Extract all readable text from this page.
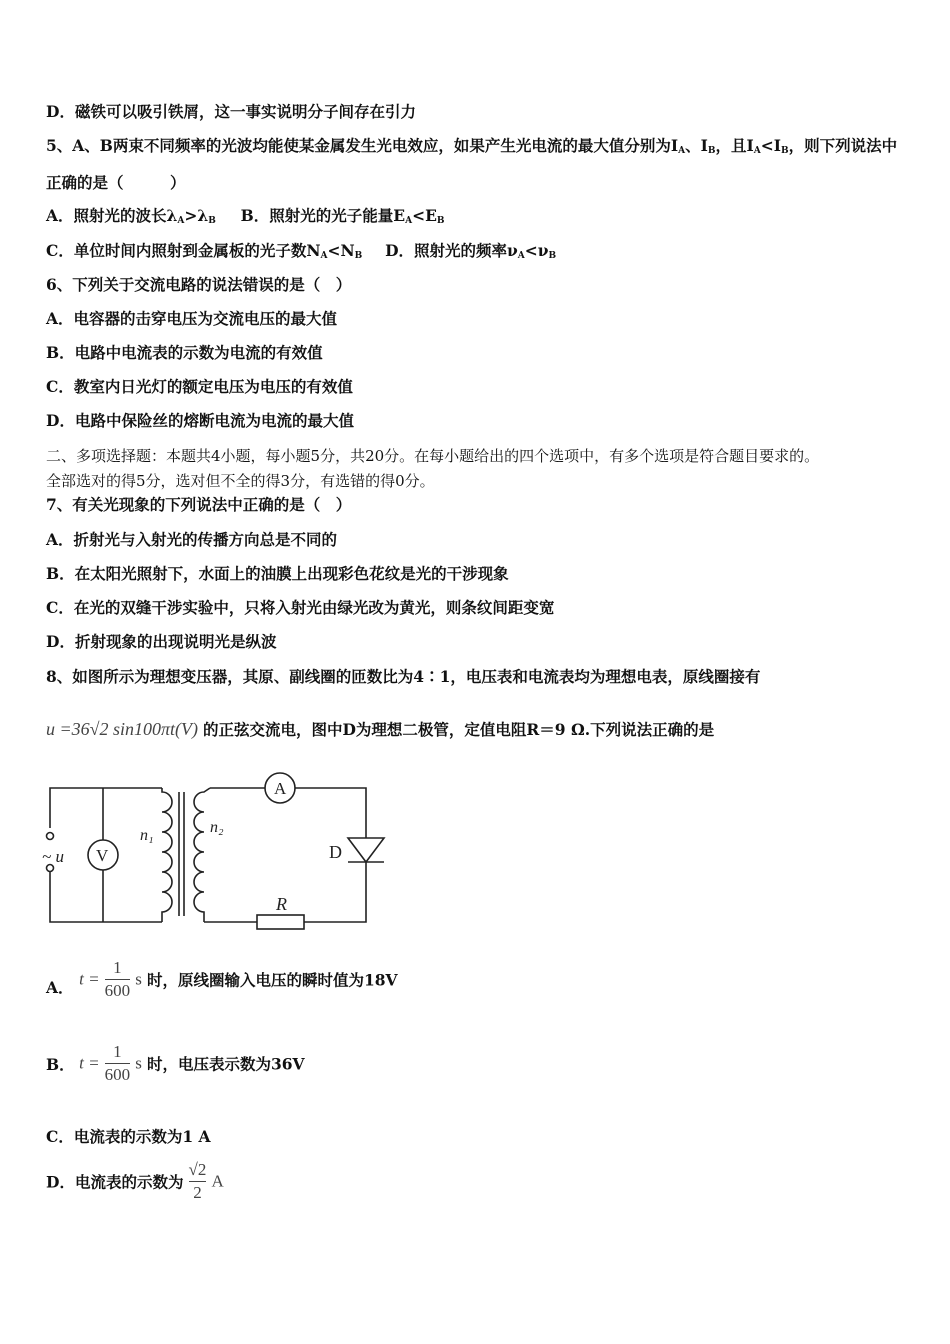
D．磁铁可以吸引铁屑，这一事实说明分子间存在引力
5、A、B两束不同频率的光波均能使某金属发生光电效应，如果产生光电流的最大值分别为$I_A$、$I_B$，且$I_A<I_B$，则下列说法中
正确的是（　　　）
A．照射光的波长$\lambda_A>\lambda_B$ B．照射光的光子能量$E_A<E_B$
C．单位时间内照射到金属板的光子数$N_A<N_B$ D．照射光的频率$\nu_A<\nu_B$
6、下列关于交流电路的说法错误的是（　）
A．电容器的击穿电压为交流电压的最大值
B．电路中电流表的示数为电流的有效值
C．教室内日光灯的额定电压为电压的有效值
D．电路中保险丝的熔断电流为电流的最大值
二、多项选择题：本题共4小题，每小题5分，共20分。在每小题给出的四个选项中，有多个选项是符合题目要求的。
全部选对的得5分，选对但不全的得3分，有选错的得0分。
7、有关光现象的下列说法中正确的是（　）
A．折射光与入射光的传播方向总是不同的
B．在太阳光照射下，水面上的油膜上出现彩色花纹是光的干涉现象
C．在光的双缝干涉实验中，只将入射光由绿光改为黄光，则条纹间距变宽
D．折射现象的出现说明光是纵波
8、如图所示为理想变压器，其原、副线圈的匝数比为4∶1，电压表和电流表均为理想电表，原线圈接有
u =36√2 sin100πt(V) 的正弦交流电，图中D为理想二极管，定值电阻R＝9 Ω.下列说法正确的是
~ u V
A
n₁	n₂
D
R
A． $t = \frac{1}{600}$ s 时，原线圈输入电压的瞬时值为18V
B． $t = \frac{1}{600}$ s 时，电压表示数为36V
C．电流表的示数为1 A
D．电流表的示数为 $\frac{√2}{2}$ A
